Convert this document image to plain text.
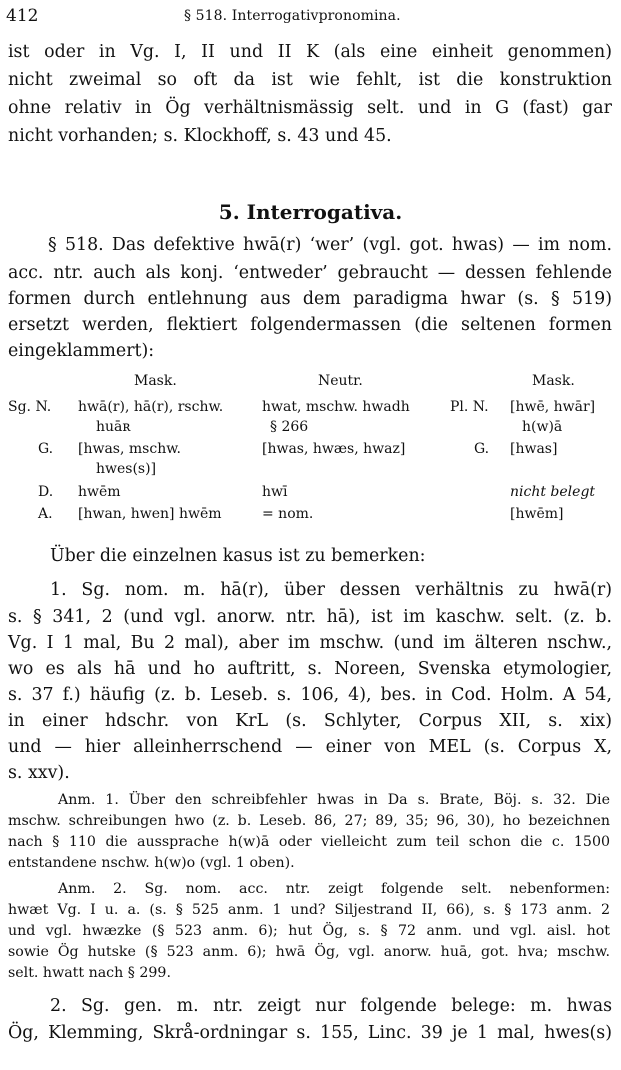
412	§ 518. Interrogativpronomina.
ist oder in Vg. I, II und II K (als eine einheit genommen)
nicht zweimal so oft da ist wie fehlt, ist die konstruktion
ohne relativ in Ög verhältnismässig selt. und in G (fast) gar
nicht vorhanden; s. Klockhoff, s. 43 und 45.
5. Interrogativa.
§ 518. Das defektive hwā(r) ‘wer’ (vgl. got. hwas) — im nom.
acc. ntr. auch als konj. ‘entweder’ gebraucht — dessen fehlende
formen durch entlehnung aus dem paradigma hwar (s. § 519)
ersetzt werden, flektiert folgendermassen (die seltenen formen
eingeklammert):
Mask.	Neutr.	Mask.
Sg. N. hwā(r), hā(r), rschw.	hwat, mschw. hwadh	Pl. N. [hwē, hwār]
huāʀ	§ 266	h(w)ā
G. [hwas, mschw.	[hwas, hwæs, hwaz]	G. [hwas]
hwes(s)]
D. hwēm	hwī	nicht belegt
A. [hwan, hwen] hwēm	= nom.	[hwēm]
Über die einzelnen kasus ist zu bemerken:
1. Sg. nom. m. hā(r), über dessen verhältnis zu hwā(r)
s. § 341, 2 (und vgl. anorw. ntr. hā), ist im kaschw. selt. (z. b.
Vg. I 1 mal, Bu 2 mal), aber im mschw. (und im älteren nschw.,
wo es als hā und ho auftritt, s. Noreen, Svenska etymologier,
s. 37 f.) häufig (z. b. Leseb. s. 106, 4), bes. in Cod. Holm. A 54,
in einer hdschr. von KrL (s. Schlyter, Corpus XII, s. xix)
und — hier alleinherrschend — einer von MEL (s. Corpus X,
s. xxv).
Anm. 1. Über den schreibfehler hwas in Da s. Brate, Böj. s. 32. Die
mschw. schreibungen hwo (z. b. Leseb. 86, 27; 89, 35; 96, 30), ho bezeichnen
nach § 110 die aussprache h(w)ā oder vielleicht zum teil schon die c. 1500
entstandene nschw. h(w)o (vgl. 1 oben).
Anm. 2. Sg. nom. acc. ntr. zeigt folgende selt. nebenformen:
hwæt Vg. I u. a. (s. § 525 anm. 1 und? Siljestrand II, 66), s. § 173 anm. 2
und vgl. hwæzke (§ 523 anm. 6); hut Ög, s. § 72 anm. und vgl. aisl. hot
sowie Ög hutske (§ 523 anm. 6); hwā Ög, vgl. anorw. huā, got. hva; mschw.
selt. hwatt nach § 299.
2. Sg. gen. m. ntr. zeigt nur folgende belege: m. hwas
Ög, Klemming, Skrå-ordningar s. 155, Linc. 39 je 1 mal, hwes(s)
